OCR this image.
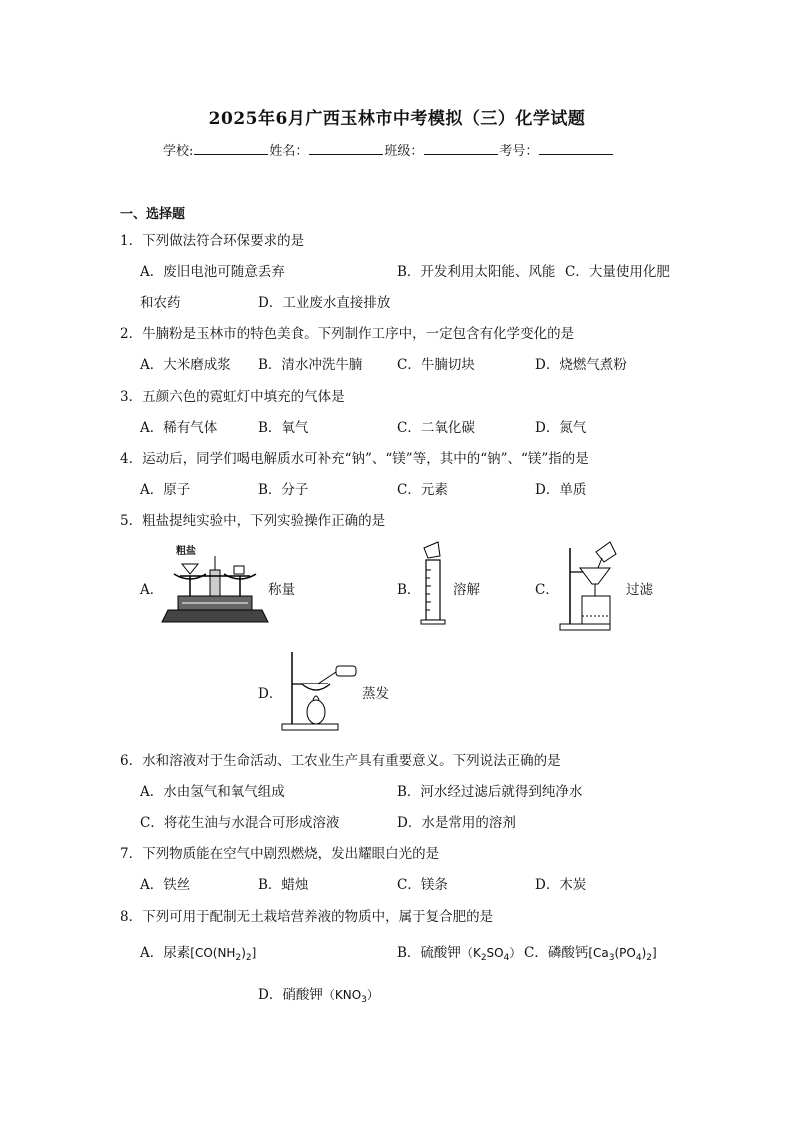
2025年6月广西玉林市中考模拟（三）化学试题
学校:	姓名：	班级：	考号：
一、选择题
1．下列做法符合环保要求的是
A．废旧电池可随意丢弃	B．开发利用太阳能、风能 C．大量使用化肥
和农药	D．工业废水直接排放
2．牛腩粉是玉林市的特色美食。下列制作工序中，一定包含有化学变化的是
A．大米磨成浆 B．清水冲洗牛腩	C．牛腩切块	D．烧燃气煮粉
3．五颜六色的霓虹灯中填充的气体是
A．稀有气体	B．氧气	C．二氧化碳	D．氮气
4．运动后，同学们喝电解质水可补充“钠”、“镁”等，其中的“钠”、“镁”指的是
A．原子	B．分子	C．元素	D．单质
5．粗盐提纯实验中，下列实验操作正确的是
A．
粗盐
称量	B． 溶解	C．	过滤
D．	蒸发
6．水和溶液对于生命活动、工农业生产具有重要意义。下列说法正确的是
A．水由氢气和氧气组成	B．河水经过滤后就得到纯净水
C．将花生油与水混合可形成溶液	D．水是常用的溶剂
7．下列物质能在空气中剧烈燃烧，发出耀眼白光的是
A．铁丝	B．蜡烛	C．镁条	D．木炭
8．下列可用于配制无土栽培营养液的物质中，属于复合肥的是
A．尿素$[CO(NH_2)_2]$	B．硫酸钾$(K_2SO_4)$ C．磷酸钙$[Ca_3(PO_4)_2]$
D．硝酸钾$(KNO_3)$
